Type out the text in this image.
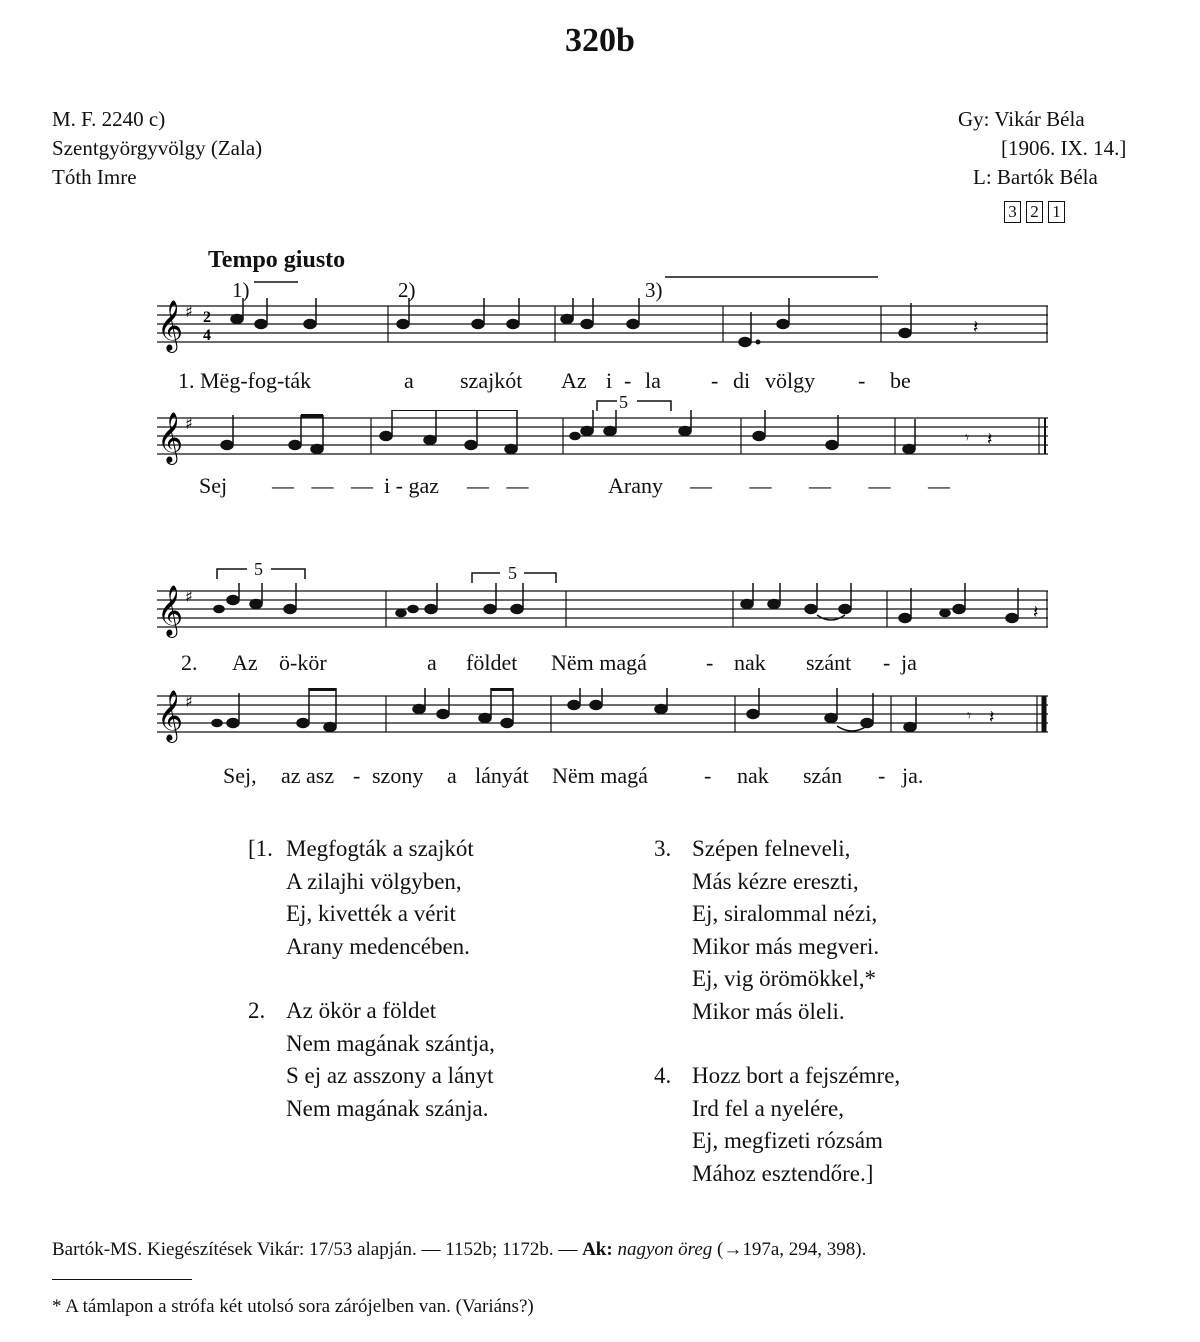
320b
M. F. 2240 c)
Szentgyörgyvölgy (Zala)
Tóth Imre
Gy: Vikár Béla
[1906. IX. 14.]
L: Bartók Béla
3 2 1
Tempo giusto
1)	2)	3)
𝄞 ♯ 2
4	𝄽
1. Mëg-fog-ták	a szajkót Az i - la - di völgy - be
𝄞 ♯
𝄾 𝄽
5
Sej — — — i - gaz — —	Arany — — — — —
𝄞 ♯
𝄽
5	5
2. Az ö-kör	a földet Nëm magá	- nak szánt - ja
𝄞 ♯
𝄾 𝄽
Sej, az asz - szony a lányát Nëm magá	- nak szán - ja.
[1. Megfogták a szajkót
A zilajhi völgyben,
Ej, kivették a vérit
Arany medencében.
2. Az ökör a földet
Nem magának szántja,
S ej az asszony a lányt
Nem magának szánja.
3. Szépen felneveli,
Más kézre ereszti,
Ej, siralommal nézi,
Mikor más megveri.
Ej, vig örömökkel,*
Mikor más öleli.
4. Hozz bort a fejszémre,
Ird fel a nyelére,
Ej, megfizeti rózsám
Mához esztendőre.]
Bartók-MS. Kiegészítések Vikár: 17/53 alapján. — 1152b; 1172b. — Ak: nagyon öreg (→197a, 294, 398).
* A támlapon a strófa két utolsó sora zárójelben van. (Variáns?)
